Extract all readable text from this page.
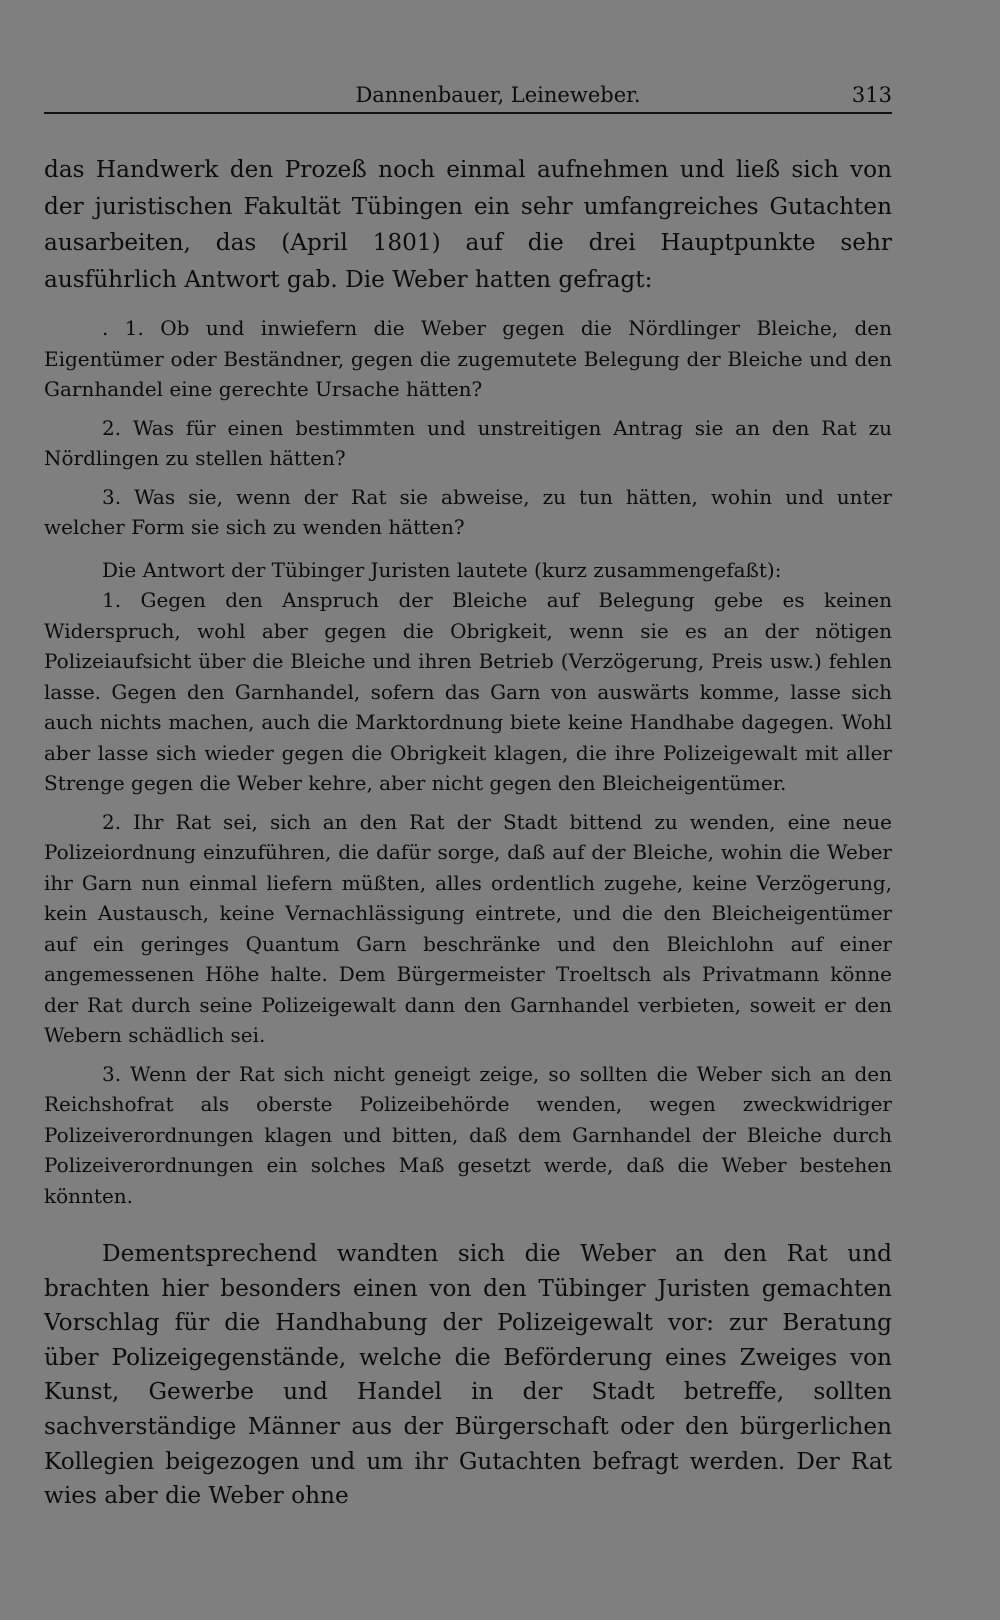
Dannenbauer, Leineweber.	313

das Handwerk den Prozeß noch einmal aufnehmen und ließ sich von der juristischen Fakultät Tübingen ein sehr umfangreiches Gutachten ausarbeiten, das (April 1801) auf die drei Hauptpunkte sehr ausführlich Antwort gab. Die Weber hatten gefragt:

. 1. Ob und inwiefern die Weber gegen die Nördlinger Bleiche, den Eigentümer oder Beständner, gegen die zugemutete Belegung der Bleiche und den Garnhandel eine gerechte Ursache hätten?

2. Was für einen bestimmten und unstreitigen Antrag sie an den Rat zu Nördlingen zu stellen hätten?

3. Was sie, wenn der Rat sie abweise, zu tun hätten, wohin und unter welcher Form sie sich zu wenden hätten?

Die Antwort der Tübinger Juristen lautete (kurz zusammengefaßt):

1. Gegen den Anspruch der Bleiche auf Belegung gebe es keinen Widerspruch, wohl aber gegen die Obrigkeit, wenn sie es an der nötigen Polizeiaufsicht über die Bleiche und ihren Betrieb (Verzögerung, Preis usw.) fehlen lasse. Gegen den Garnhandel, sofern das Garn von auswärts komme, lasse sich auch nichts machen, auch die Marktordnung biete keine Handhabe dagegen. Wohl aber lasse sich wieder gegen die Obrigkeit klagen, die ihre Polizeigewalt mit aller Strenge gegen die Weber kehre, aber nicht gegen den Bleicheigentümer.

2. Ihr Rat sei, sich an den Rat der Stadt bittend zu wenden, eine neue Polizeiordnung einzuführen, die dafür sorge, daß auf der Bleiche, wohin die Weber ihr Garn nun einmal liefern müßten, alles ordentlich zugehe, keine Verzögerung, kein Austausch, keine Vernachlässigung eintrete, und die den Bleicheigentümer auf ein geringes Quantum Garn beschränke und den Bleichlohn auf einer angemessenen Höhe halte. Dem Bürgermeister Troeltsch als Privatmann könne der Rat durch seine Polizeigewalt dann den Garnhandel verbieten, soweit er den Webern schädlich sei.

3. Wenn der Rat sich nicht geneigt zeige, so sollten die Weber sich an den Reichshofrat als oberste Polizeibehörde wenden, wegen zweckwidriger Polizeiverordnungen klagen und bitten, daß dem Garnhandel der Bleiche durch Polizeiverordnungen ein solches Maß gesetzt werde, daß die Weber bestehen könnten.

Dementsprechend wandten sich die Weber an den Rat und brachten hier besonders einen von den Tübinger Juristen gemachten Vorschlag für die Handhabung der Polizeigewalt vor: zur Beratung über Polizeigegenstände, welche die Beförderung eines Zweiges von Kunst, Gewerbe und Handel in der Stadt betreffe, sollten sachverständige Männer aus der Bürgerschaft oder den bürgerlichen Kollegien beigezogen und um ihr Gutachten befragt werden. Der Rat wies aber die Weber ohne
